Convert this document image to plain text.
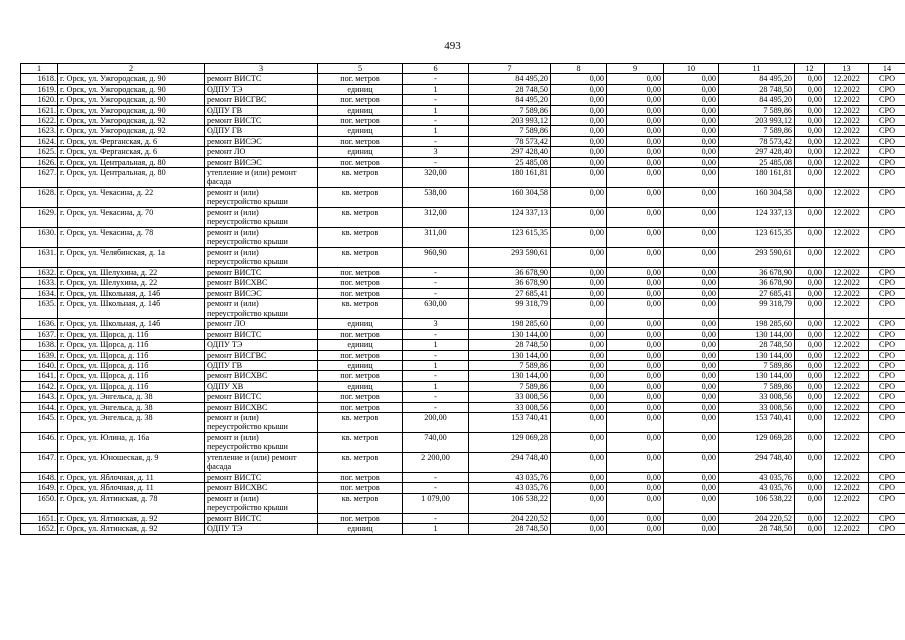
493
1	2	3	5	6	7	8	9	10	11	12	13	14
1618.	г. Орск, ул. Ужгородская, д. 90	ремонт ВИСТС	пог. метров	-	84 495,20	0,00	0,00	0,00	84 495,20	0,00	12.2022	СРО
1619.	г. Орск, ул. Ужгородская, д. 90	ОДПУ ТЭ	единиц	1	28 748,50	0,00	0,00	0,00	28 748,50	0,00	12.2022	СРО
1620.	г. Орск, ул. Ужгородская, д. 90	ремонт ВИСГВС	пог. метров	-	84 495,20	0,00	0,00	0,00	84 495,20	0,00	12.2022	СРО
1621.	г. Орск, ул. Ужгородская, д. 90	ОДПУ ГВ	единиц	1	7 589,86	0,00	0,00	0,00	7 589,86	0,00	12.2022	СРО
1622.	г. Орск, ул. Ужгородская, д. 92	ремонт ВИСТС	пог. метров	-	203 993,12	0,00	0,00	0,00	203 993,12	0,00	12.2022	СРО
1623.	г. Орск, ул. Ужгородская, д. 92	ОДПУ ГВ	единиц	1	7 589,86	0,00	0,00	0,00	7 589,86	0,00	12.2022	СРО
1624.	г. Орск, ул. Ферганская, д. 6	ремонт ВИСЭС	пог. метров	-	78 573,42	0,00	0,00	0,00	78 573,42	0,00	12.2022	СРО
1625.	г. Орск, ул. Ферганская, д. 6	ремонт ЛО	единиц	3	297 428,40	0,00	0,00	0,00	297 428,40	0,00	12.2022	СРО
1626.	г. Орск, ул. Центральная, д. 80	ремонт ВИСЭС	пог. метров	-	25 485,08	0,00	0,00	0,00	25 485,08	0,00	12.2022	СРО
1627.	г. Орск, ул. Центральная, д. 80	утепление и (или) ремонт фасада	кв. метров	320,00	180 161,81	0,00	0,00	0,00	180 161,81	0,00	12.2022	СРО
1628.	г. Орск, ул. Чекасина, д. 22	ремонт и (или) переустройство крыши	кв. метров	538,00	160 304,58	0,00	0,00	0,00	160 304,58	0,00	12.2022	СРО
1629.	г. Орск, ул. Чекасина, д. 70	ремонт и (или) переустройство крыши	кв. метров	312,00	124 337,13	0,00	0,00	0,00	124 337,13	0,00	12.2022	СРО
1630.	г. Орск, ул. Чекасина, д. 78	ремонт и (или) переустройство крыши	кв. метров	311,00	123 615,35	0,00	0,00	0,00	123 615,35	0,00	12.2022	СРО
1631.	г. Орск, ул. Челябинская, д. 1а	ремонт и (или) переустройство крыши	кв. метров	960,90	293 590,61	0,00	0,00	0,00	293 590,61	0,00	12.2022	СРО
1632.	г. Орск, ул. Шелухина, д. 22	ремонт ВИСТС	пог. метров	-	36 678,90	0,00	0,00	0,00	36 678,90	0,00	12.2022	СРО
1633.	г. Орск, ул. Шелухина, д. 22	ремонт ВИСХВС	пог. метров	-	36 678,90	0,00	0,00	0,00	36 678,90	0,00	12.2022	СРО
1634.	г. Орск, ул. Школьная, д. 14б	ремонт ВИСЭС	пог. метров	-	27 685,41	0,00	0,00	0,00	27 685,41	0,00	12.2022	СРО
1635.	г. Орск, ул. Школьная, д. 14б	ремонт и (или) переустройство крыши	кв. метров	630,00	99 318,79	0,00	0,00	0,00	99 318,79	0,00	12.2022	СРО
1636.	г. Орск, ул. Школьная, д. 14б	ремонт ЛО	единиц	3	198 285,60	0,00	0,00	0,00	198 285,60	0,00	12.2022	СРО
1637.	г. Орск, ул. Щорса, д. 11б	ремонт ВИСТС	пог. метров	-	130 144,00	0,00	0,00	0,00	130 144,00	0,00	12.2022	СРО
1638.	г. Орск, ул. Щорса, д. 11б	ОДПУ ТЭ	единиц	1	28 748,50	0,00	0,00	0,00	28 748,50	0,00	12.2022	СРО
1639.	г. Орск, ул. Щорса, д. 11б	ремонт ВИСГВС	пог. метров	-	130 144,00	0,00	0,00	0,00	130 144,00	0,00	12.2022	СРО
1640.	г. Орск, ул. Щорса, д. 11б	ОДПУ ГВ	единиц	1	7 589,86	0,00	0,00	0,00	7 589,86	0,00	12.2022	СРО
1641.	г. Орск, ул. Щорса, д. 11б	ремонт ВИСХВС	пог. метров	-	130 144,00	0,00	0,00	0,00	130 144,00	0,00	12.2022	СРО
1642.	г. Орск, ул. Щорса, д. 11б	ОДПУ ХВ	единиц	1	7 589,86	0,00	0,00	0,00	7 589,86	0,00	12.2022	СРО
1643.	г. Орск, ул. Энгельса, д. 38	ремонт ВИСТС	пог. метров	-	33 008,56	0,00	0,00	0,00	33 008,56	0,00	12.2022	СРО
1644.	г. Орск, ул. Энгельса, д. 38	ремонт ВИСХВС	пог. метров	-	33 008,56	0,00	0,00	0,00	33 008,56	0,00	12.2022	СРО
1645.	г. Орск, ул. Энгельса, д. 38	ремонт и (или) переустройство крыши	кв. метров	200,00	153 740,41	0,00	0,00	0,00	153 740,41	0,00	12.2022	СРО
1646.	г. Орск, ул. Юлина, д. 16а	ремонт и (или) переустройство крыши	кв. метров	740,00	129 069,28	0,00	0,00	0,00	129 069,28	0,00	12.2022	СРО
1647.	г. Орск, ул. Юношеская, д. 9	утепление и (или) ремонт фасада	кв. метров	2 200,00	294 748,40	0,00	0,00	0,00	294 748,40	0,00	12.2022	СРО
1648.	г. Орск, ул. Яблочная, д. 11	ремонт ВИСТС	пог. метров	-	43 035,76	0,00	0,00	0,00	43 035,76	0,00	12.2022	СРО
1649.	г. Орск, ул. Яблочная, д. 11	ремонт ВИСХВС	пог. метров	-	43 035,76	0,00	0,00	0,00	43 035,76	0,00	12.2022	СРО
1650.	г. Орск, ул. Ялтинская, д. 78	ремонт и (или) переустройство крыши	кв. метров	1 079,00	106 538,22	0,00	0,00	0,00	106 538,22	0,00	12.2022	СРО
1651.	г. Орск, ул. Ялтинская, д. 92	ремонт ВИСТС	пог. метров	-	204 220,52	0,00	0,00	0,00	204 220,52	0,00	12.2022	СРО
1652.	г. Орск, ул. Ялтинская, д. 92	ОДПУ ТЭ	единиц	1	28 748,50	0,00	0,00	0,00	28 748,50	0,00	12.2022	СРО
